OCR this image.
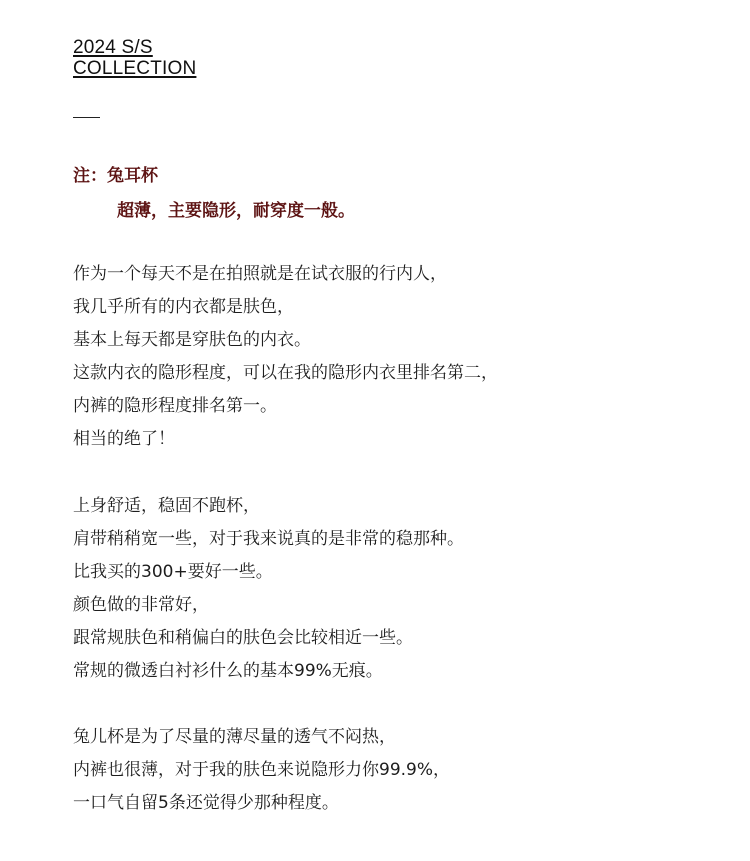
2024 S/S
COLLECTION
注：兔耳杯
超薄，主要隐形，耐穿度一般。
作为一个每天不是在拍照就是在试衣服的行内人，
我几乎所有的内衣都是肤色，
基本上每天都是穿肤色的内衣。
这款内衣的隐形程度，可以在我的隐形内衣里排名第二，
内裤的隐形程度排名第一。
相当的绝了！
上身舒适，稳固不跑杯，
肩带稍稍宽一些，对于我来说真的是非常的稳那种。
比我买的300+要好一些。
颜色做的非常好，
跟常规肤色和稍偏白的肤色会比较相近一些。
常规的微透白衬衫什么的基本99%无痕。
兔儿杯是为了尽量的薄尽量的透气不闷热，
内裤也很薄，对于我的肤色来说隐形力你99.9%，
一口气自留5条还觉得少那种程度。
